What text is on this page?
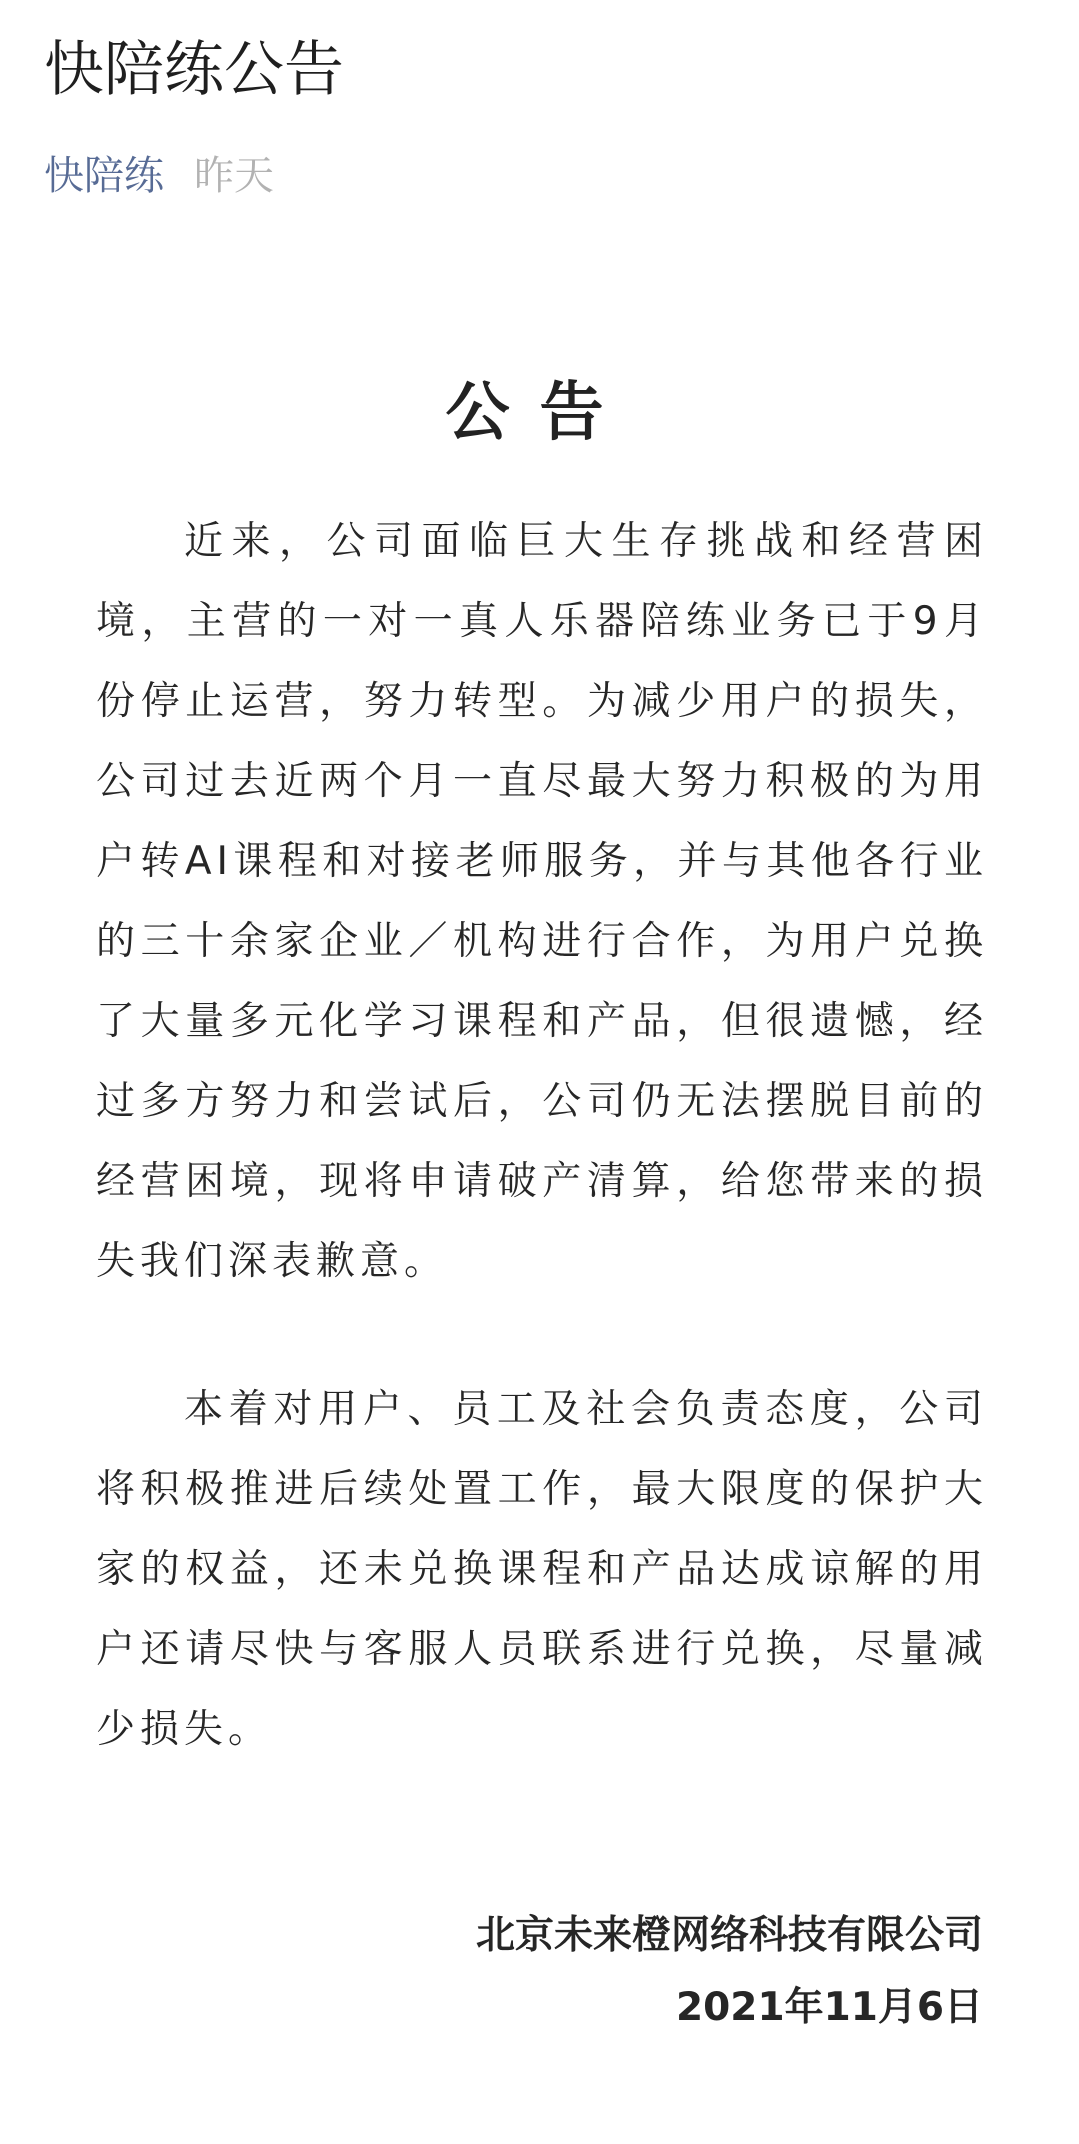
快陪练公告
快陪练 昨天
公告

近来，公司面临巨大生存挑战和经营困境，主营的一对一真人乐器陪练业务已于9月份停止运营，努力转型。为减少用户的损失，公司过去近两个月一直尽最大努力积极的为用户转AI课程和对接老师服务，并与其他各行业的三十余家企业／机构进行合作，为用户兑换了大量多元化学习课程和产品，但很遗憾，经过多方努力和尝试后，公司仍无法摆脱目前的经营困境，现将申请破产清算，给您带来的损失我们深表歉意。

本着对用户、员工及社会负责态度，公司将积极推进后续处置工作，最大限度的保护大家的权益，还未兑换课程和产品达成谅解的用户还请尽快与客服人员联系进行兑换，尽量减少损失。

北京未来橙网络科技有限公司

2021年11月6日
